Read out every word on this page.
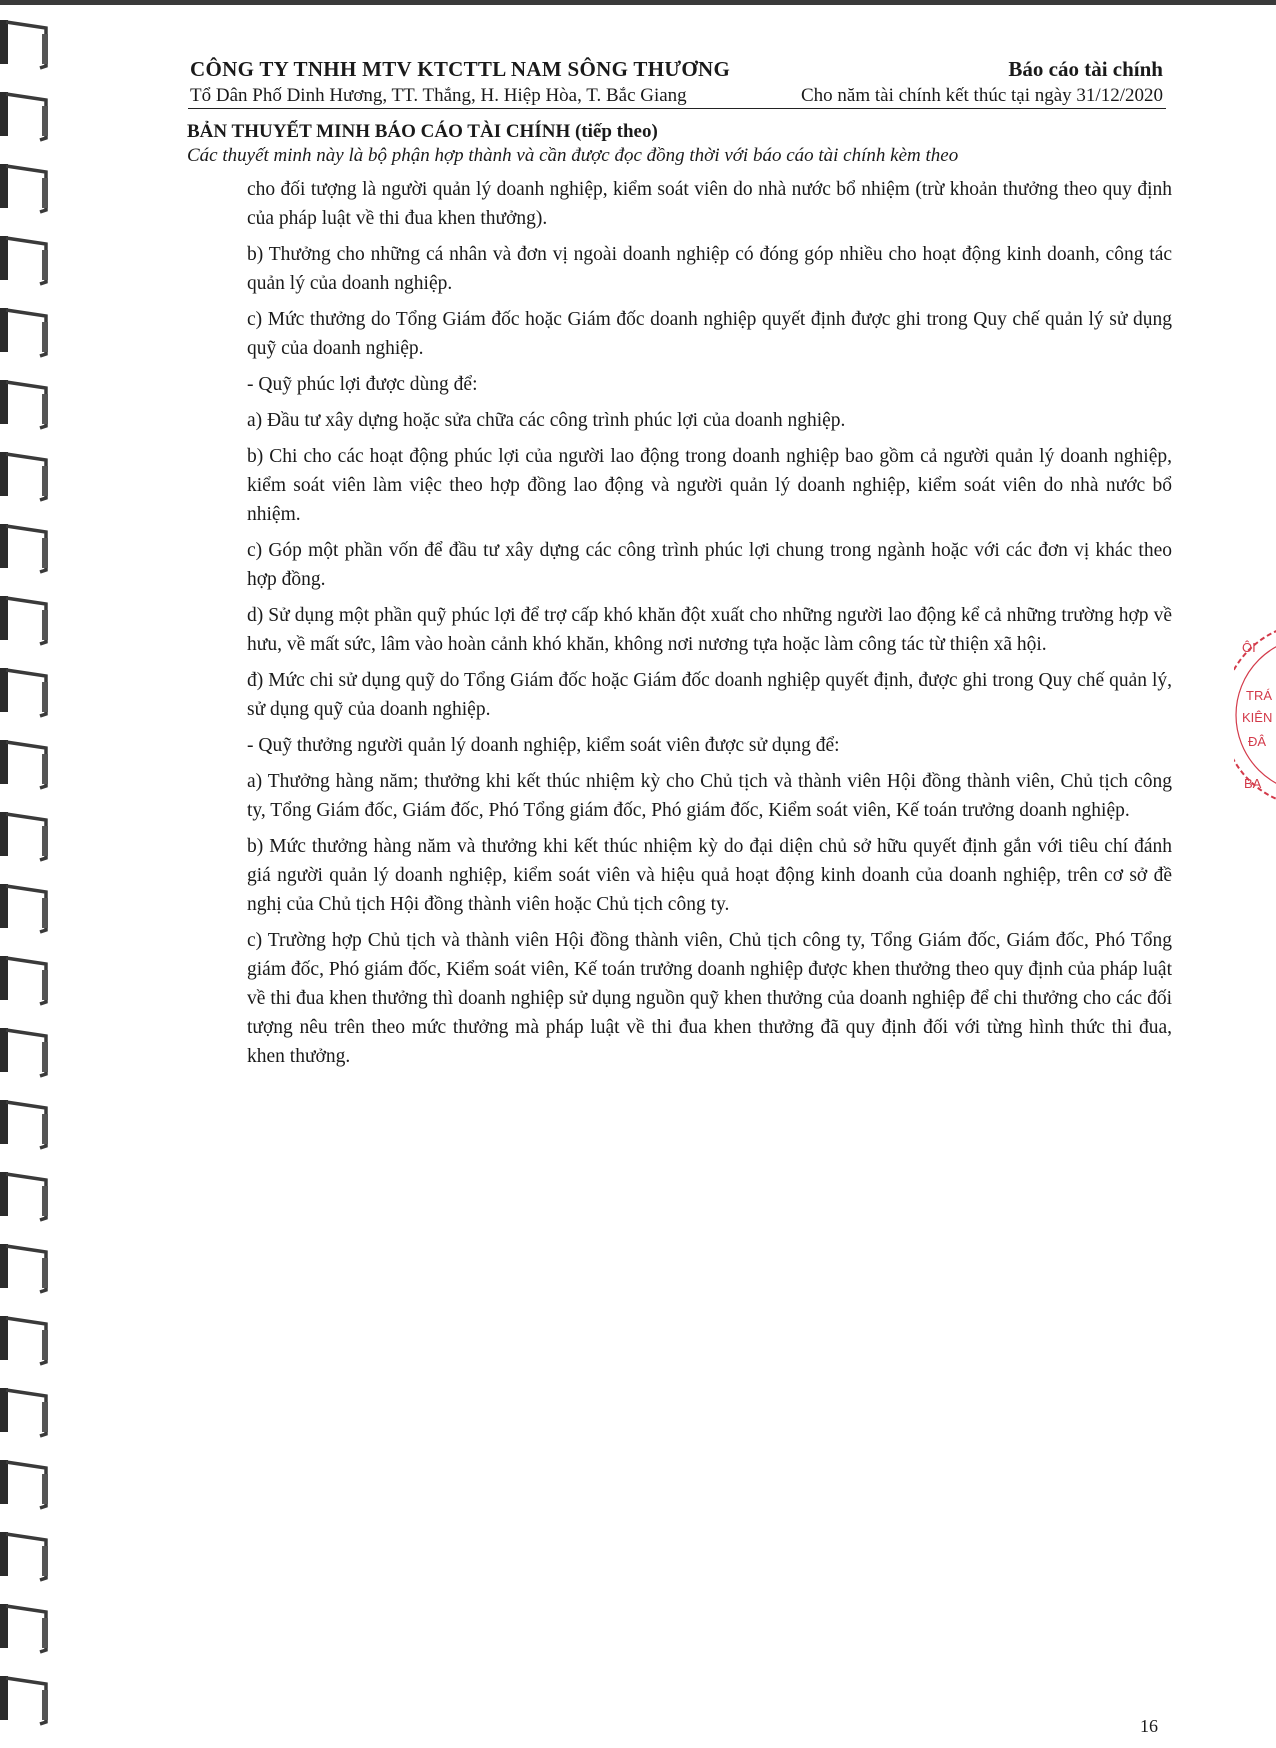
CÔNG TY TNHH MTV KTCTTL NAM SÔNG THƯƠNG
Tổ Dân Phố Dinh Hương, TT. Thắng, H. Hiệp Hòa, T. Bắc Giang
Báo cáo tài chính
Cho năm tài chính kết thúc tại ngày 31/12/2020
BẢN THUYẾT MINH BÁO CÁO TÀI CHÍNH (tiếp theo)
Các thuyết minh này là bộ phận hợp thành và cần được đọc đồng thời với báo cáo tài chính kèm theo

cho đối tượng là người quản lý doanh nghiệp, kiểm soát viên do nhà nước bổ nhiệm (trừ khoản thưởng theo quy định của pháp luật về thi đua khen thưởng).

b) Thưởng cho những cá nhân và đơn vị ngoài doanh nghiệp có đóng góp nhiều cho hoạt động kinh doanh, công tác quản lý của doanh nghiệp.

c) Mức thưởng do Tổng Giám đốc hoặc Giám đốc doanh nghiệp quyết định được ghi trong Quy chế quản lý sử dụng quỹ của doanh nghiệp.

- Quỹ phúc lợi được dùng để:

a) Đầu tư xây dựng hoặc sửa chữa các công trình phúc lợi của doanh nghiệp.

b) Chi cho các hoạt động phúc lợi của người lao động trong doanh nghiệp bao gồm cả người quản lý doanh nghiệp, kiểm soát viên làm việc theo hợp đồng lao động và người quản lý doanh nghiệp, kiểm soát viên do nhà nước bổ nhiệm.

c) Góp một phần vốn để đầu tư xây dựng các công trình phúc lợi chung trong ngành hoặc với các đơn vị khác theo hợp đồng.

d) Sử dụng một phần quỹ phúc lợi để trợ cấp khó khăn đột xuất cho những người lao động kể cả những trường hợp về hưu, về mất sức, lâm vào hoàn cảnh khó khăn, không nơi nương tựa hoặc làm công tác từ thiện xã hội.

đ) Mức chi sử dụng quỹ do Tổng Giám đốc hoặc Giám đốc doanh nghiệp quyết định, được ghi trong Quy chế quản lý, sử dụng quỹ của doanh nghiệp.

- Quỹ thưởng người quản lý doanh nghiệp, kiểm soát viên được sử dụng để:

a) Thưởng hàng năm; thưởng khi kết thúc nhiệm kỳ cho Chủ tịch và thành viên Hội đồng thành viên, Chủ tịch công ty, Tổng Giám đốc, Giám đốc, Phó Tổng giám đốc, Phó giám đốc, Kiểm soát viên, Kế toán trưởng doanh nghiệp.

b) Mức thưởng hàng năm và thưởng khi kết thúc nhiệm kỳ do đại diện chủ sở hữu quyết định gắn với tiêu chí đánh giá người quản lý doanh nghiệp, kiểm soát viên và hiệu quả hoạt động kinh doanh của doanh nghiệp, trên cơ sở đề nghị của Chủ tịch Hội đồng thành viên hoặc Chủ tịch công ty.

c) Trường hợp Chủ tịch và thành viên Hội đồng thành viên, Chủ tịch công ty, Tổng Giám đốc, Giám đốc, Phó Tổng giám đốc, Phó giám đốc, Kiểm soát viên, Kế toán trưởng doanh nghiệp được khen thưởng theo quy định của pháp luật về thi đua khen thưởng thì doanh nghiệp sử dụng nguồn quỹ khen thưởng của doanh nghiệp để chi thưởng cho các đối tượng nêu trên theo mức thưởng mà pháp luật về thi đua khen thưởng đã quy định đối với từng hình thức thi đua, khen thưởng.

ÔI
TRÁ
KIÊN
ĐÂ
BA
16
